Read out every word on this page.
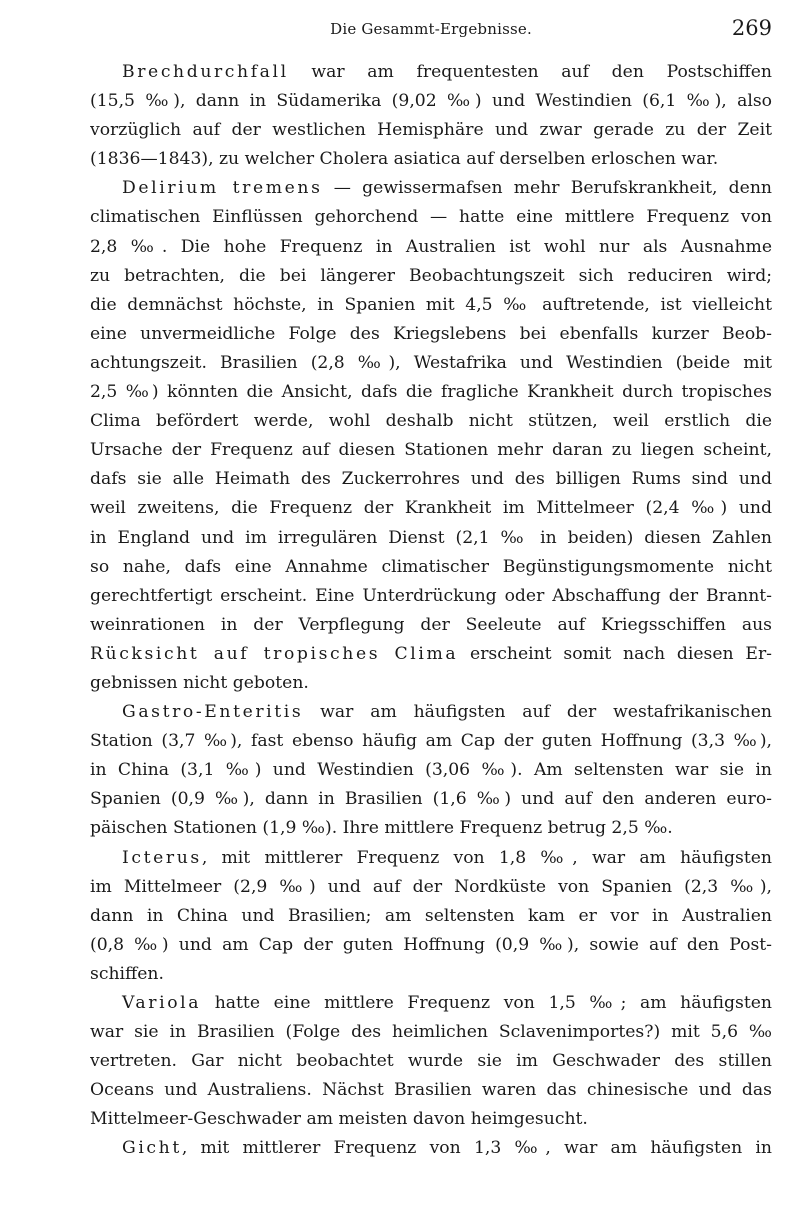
Die Gesammt-Ergebnisse.	269
Brechdurchfall war am frequentesten auf den Postschiffen
(15,5 ‰), dann in Südamerika (9,02 ‰) und Westindien (6,1 ‰), also
vorzüglich auf der westlichen Hemisphäre und zwar gerade zu der Zeit
(1836—1843), zu welcher Cholera asiatica auf derselben erloschen war.
Delirium tremens — gewissermafsen mehr Berufskrankheit, denn
climatischen Einflüssen gehorchend — hatte eine mittlere Frequenz von
2,8 ‰. Die hohe Frequenz in Australien ist wohl nur als Ausnahme
zu betrachten, die bei längerer Beobachtungszeit sich reduciren wird;
die demnächst höchste, in Spanien mit 4,5 ‰ auftretende, ist vielleicht
eine unvermeidliche Folge des Kriegslebens bei ebenfalls kurzer Beob-
achtungszeit. Brasilien (2,8 ‰), Westafrika und Westindien (beide mit
2,5 ‰) könnten die Ansicht, dafs die fragliche Krankheit durch tropisches
Clima befördert werde, wohl deshalb nicht stützen, weil erstlich die
Ursache der Frequenz auf diesen Stationen mehr daran zu liegen scheint,
dafs sie alle Heimath des Zuckerrohres und des billigen Rums sind und
weil zweitens, die Frequenz der Krankheit im Mittelmeer (2,4 ‰) und
in England und im irregulären Dienst (2,1 ‰ in beiden) diesen Zahlen
so nahe, dafs eine Annahme climatischer Begünstigungsmomente nicht
gerechtfertigt erscheint. Eine Unterdrückung oder Abschaffung der Brannt-
weinrationen in der Verpflegung der Seeleute auf Kriegsschiffen aus
Rücksicht auf tropisches Clima erscheint somit nach diesen Er-
gebnissen nicht geboten.
Gastro-Enteritis war am häufigsten auf der westafrikanischen
Station (3,7 ‰), fast ebenso häufig am Cap der guten Hoffnung (3,3 ‰),
in China (3,1 ‰) und Westindien (3,06 ‰). Am seltensten war sie in
Spanien (0,9 ‰), dann in Brasilien (1,6 ‰) und auf den anderen euro-
päischen Stationen (1,9 ‰). Ihre mittlere Frequenz betrug 2,5 ‰.
Icterus, mit mittlerer Frequenz von 1,8 ‰, war am häufigsten
im Mittelmeer (2,9 ‰) und auf der Nordküste von Spanien (2,3 ‰),
dann in China und Brasilien; am seltensten kam er vor in Australien
(0,8 ‰) und am Cap der guten Hoffnung (0,9 ‰), sowie auf den Post-
schiffen.
Variola hatte eine mittlere Frequenz von 1,5 ‰; am häufigsten
war sie in Brasilien (Folge des heimlichen Sclavenimportes?) mit 5,6 ‰
vertreten. Gar nicht beobachtet wurde sie im Geschwader des stillen
Oceans und Australiens. Nächst Brasilien waren das chinesische und das
Mittelmeer-Geschwader am meisten davon heimgesucht.
Gicht, mit mittlerer Frequenz von 1,3 ‰, war am häufigsten in
